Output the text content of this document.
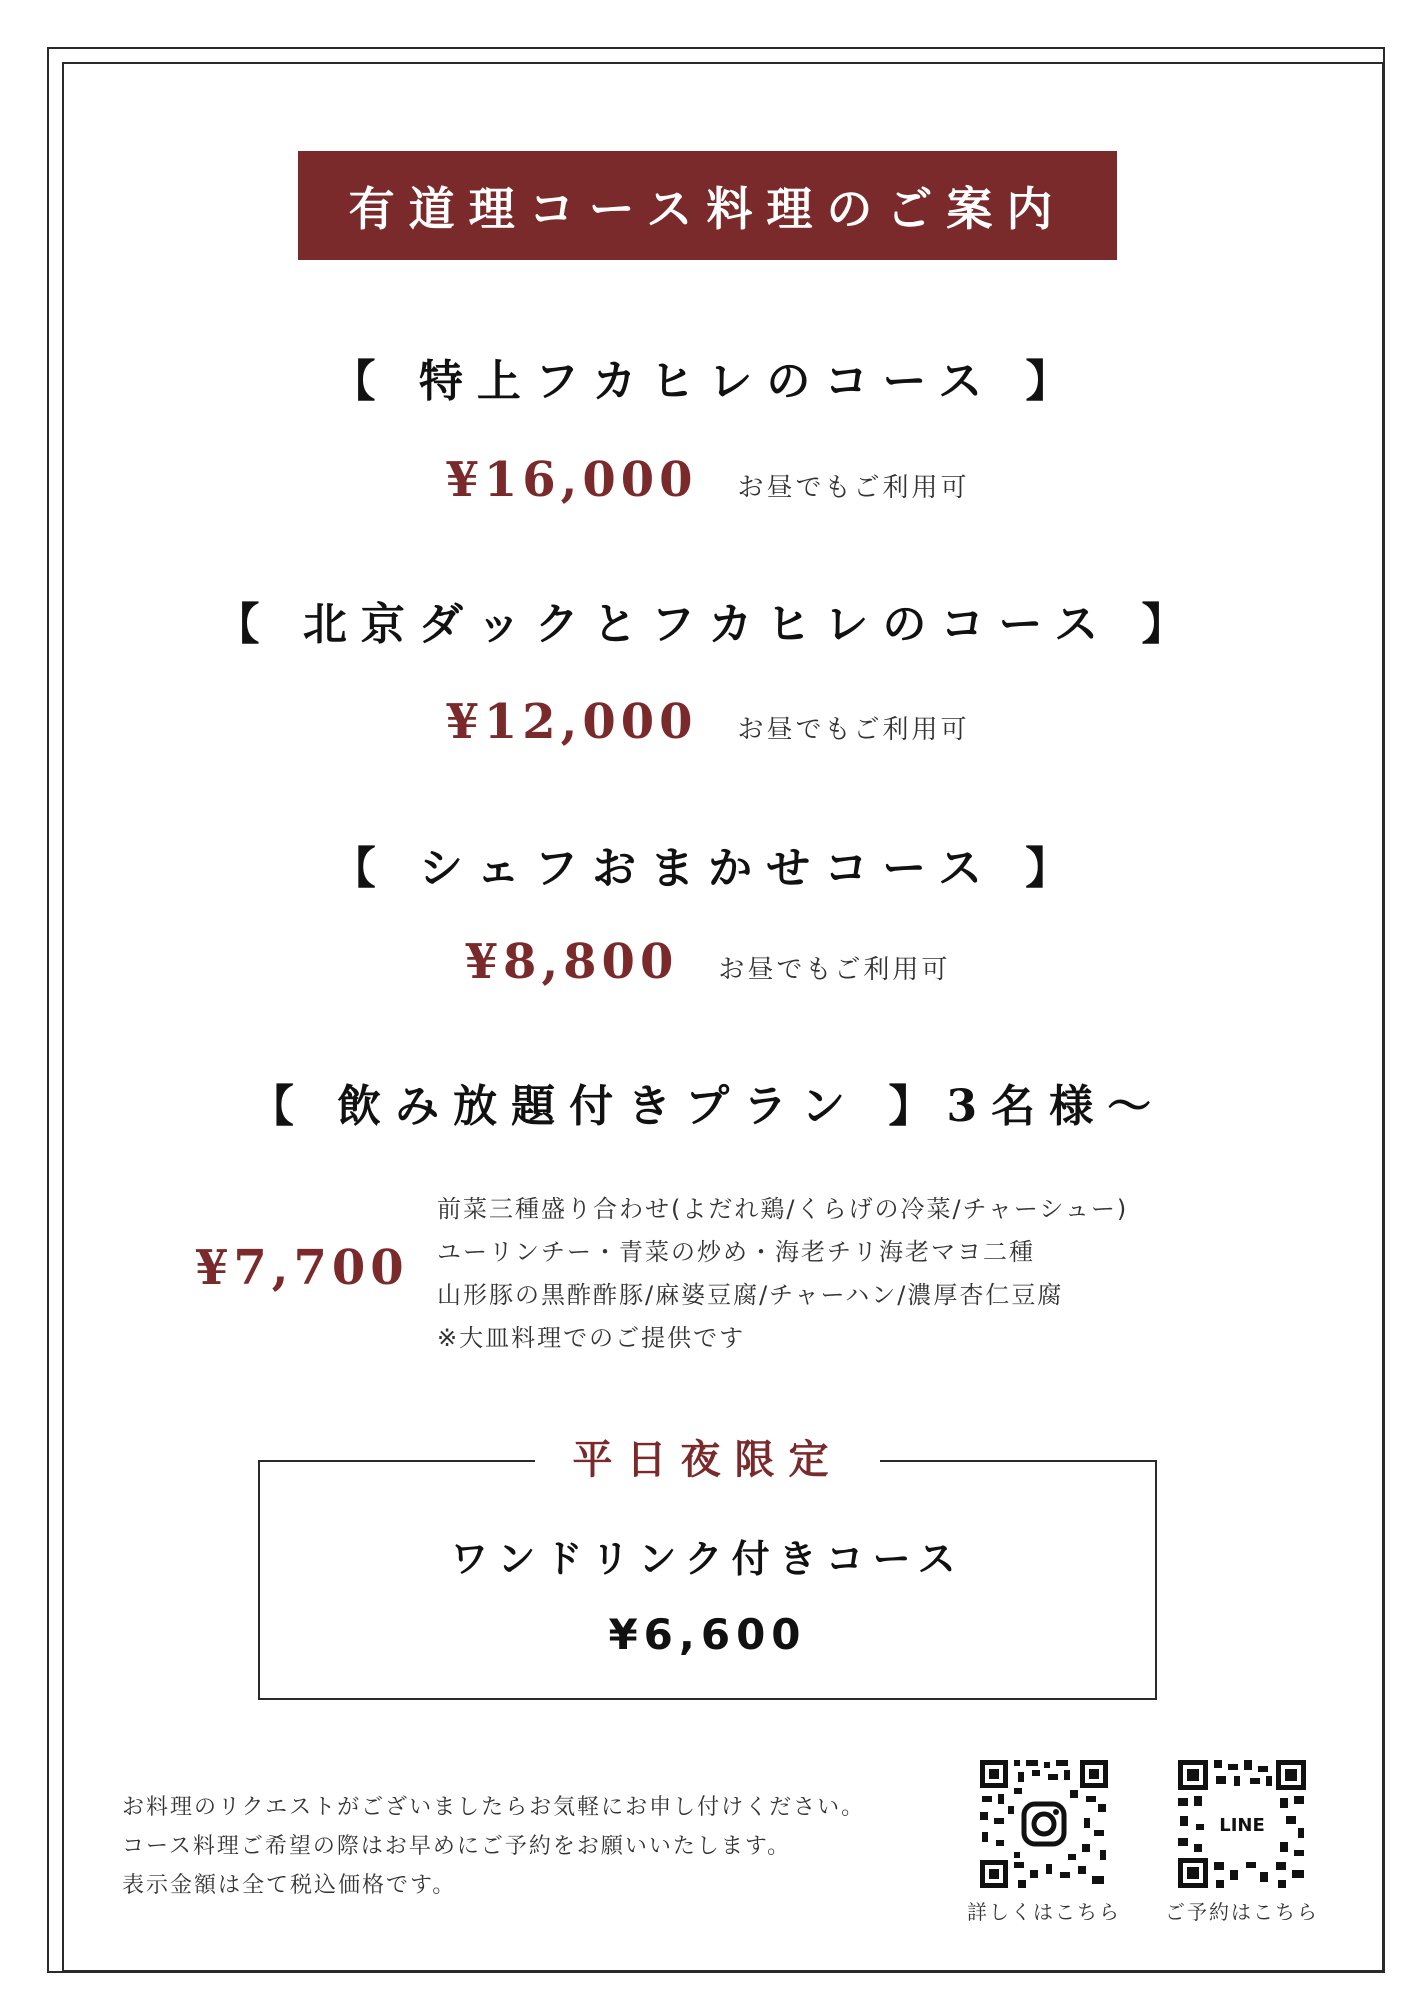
有道理コース料理のご案内
【 特上フカヒレのコース 】
¥16,000 お昼でもご利用可
【 北京ダックとフカヒレのコース 】
¥12,000 お昼でもご利用可
【 シェフおまかせコース 】
¥8,800 お昼でもご利用可
【 飲み放題付きプラン 】3名様～
¥7,700
前菜三種盛り合わせ(よだれ鶏/くらげの冷菜/チャーシュー)
ユーリンチー・青菜の炒め・海老チリ海老マヨ二種
山形豚の黒酢酢豚/麻婆豆腐/チャーハン/濃厚杏仁豆腐
※大皿料理でのご提供です
平日夜限定
ワンドリンク付きコース
¥6,600
お料理のリクエストがございましたらお気軽にお申し付けください。
コース料理ご希望の際はお早めにご予約をお願いいたします。
表示金額は全て税込価格です。
詳しくはこちら
LINE
ご予約はこちら
